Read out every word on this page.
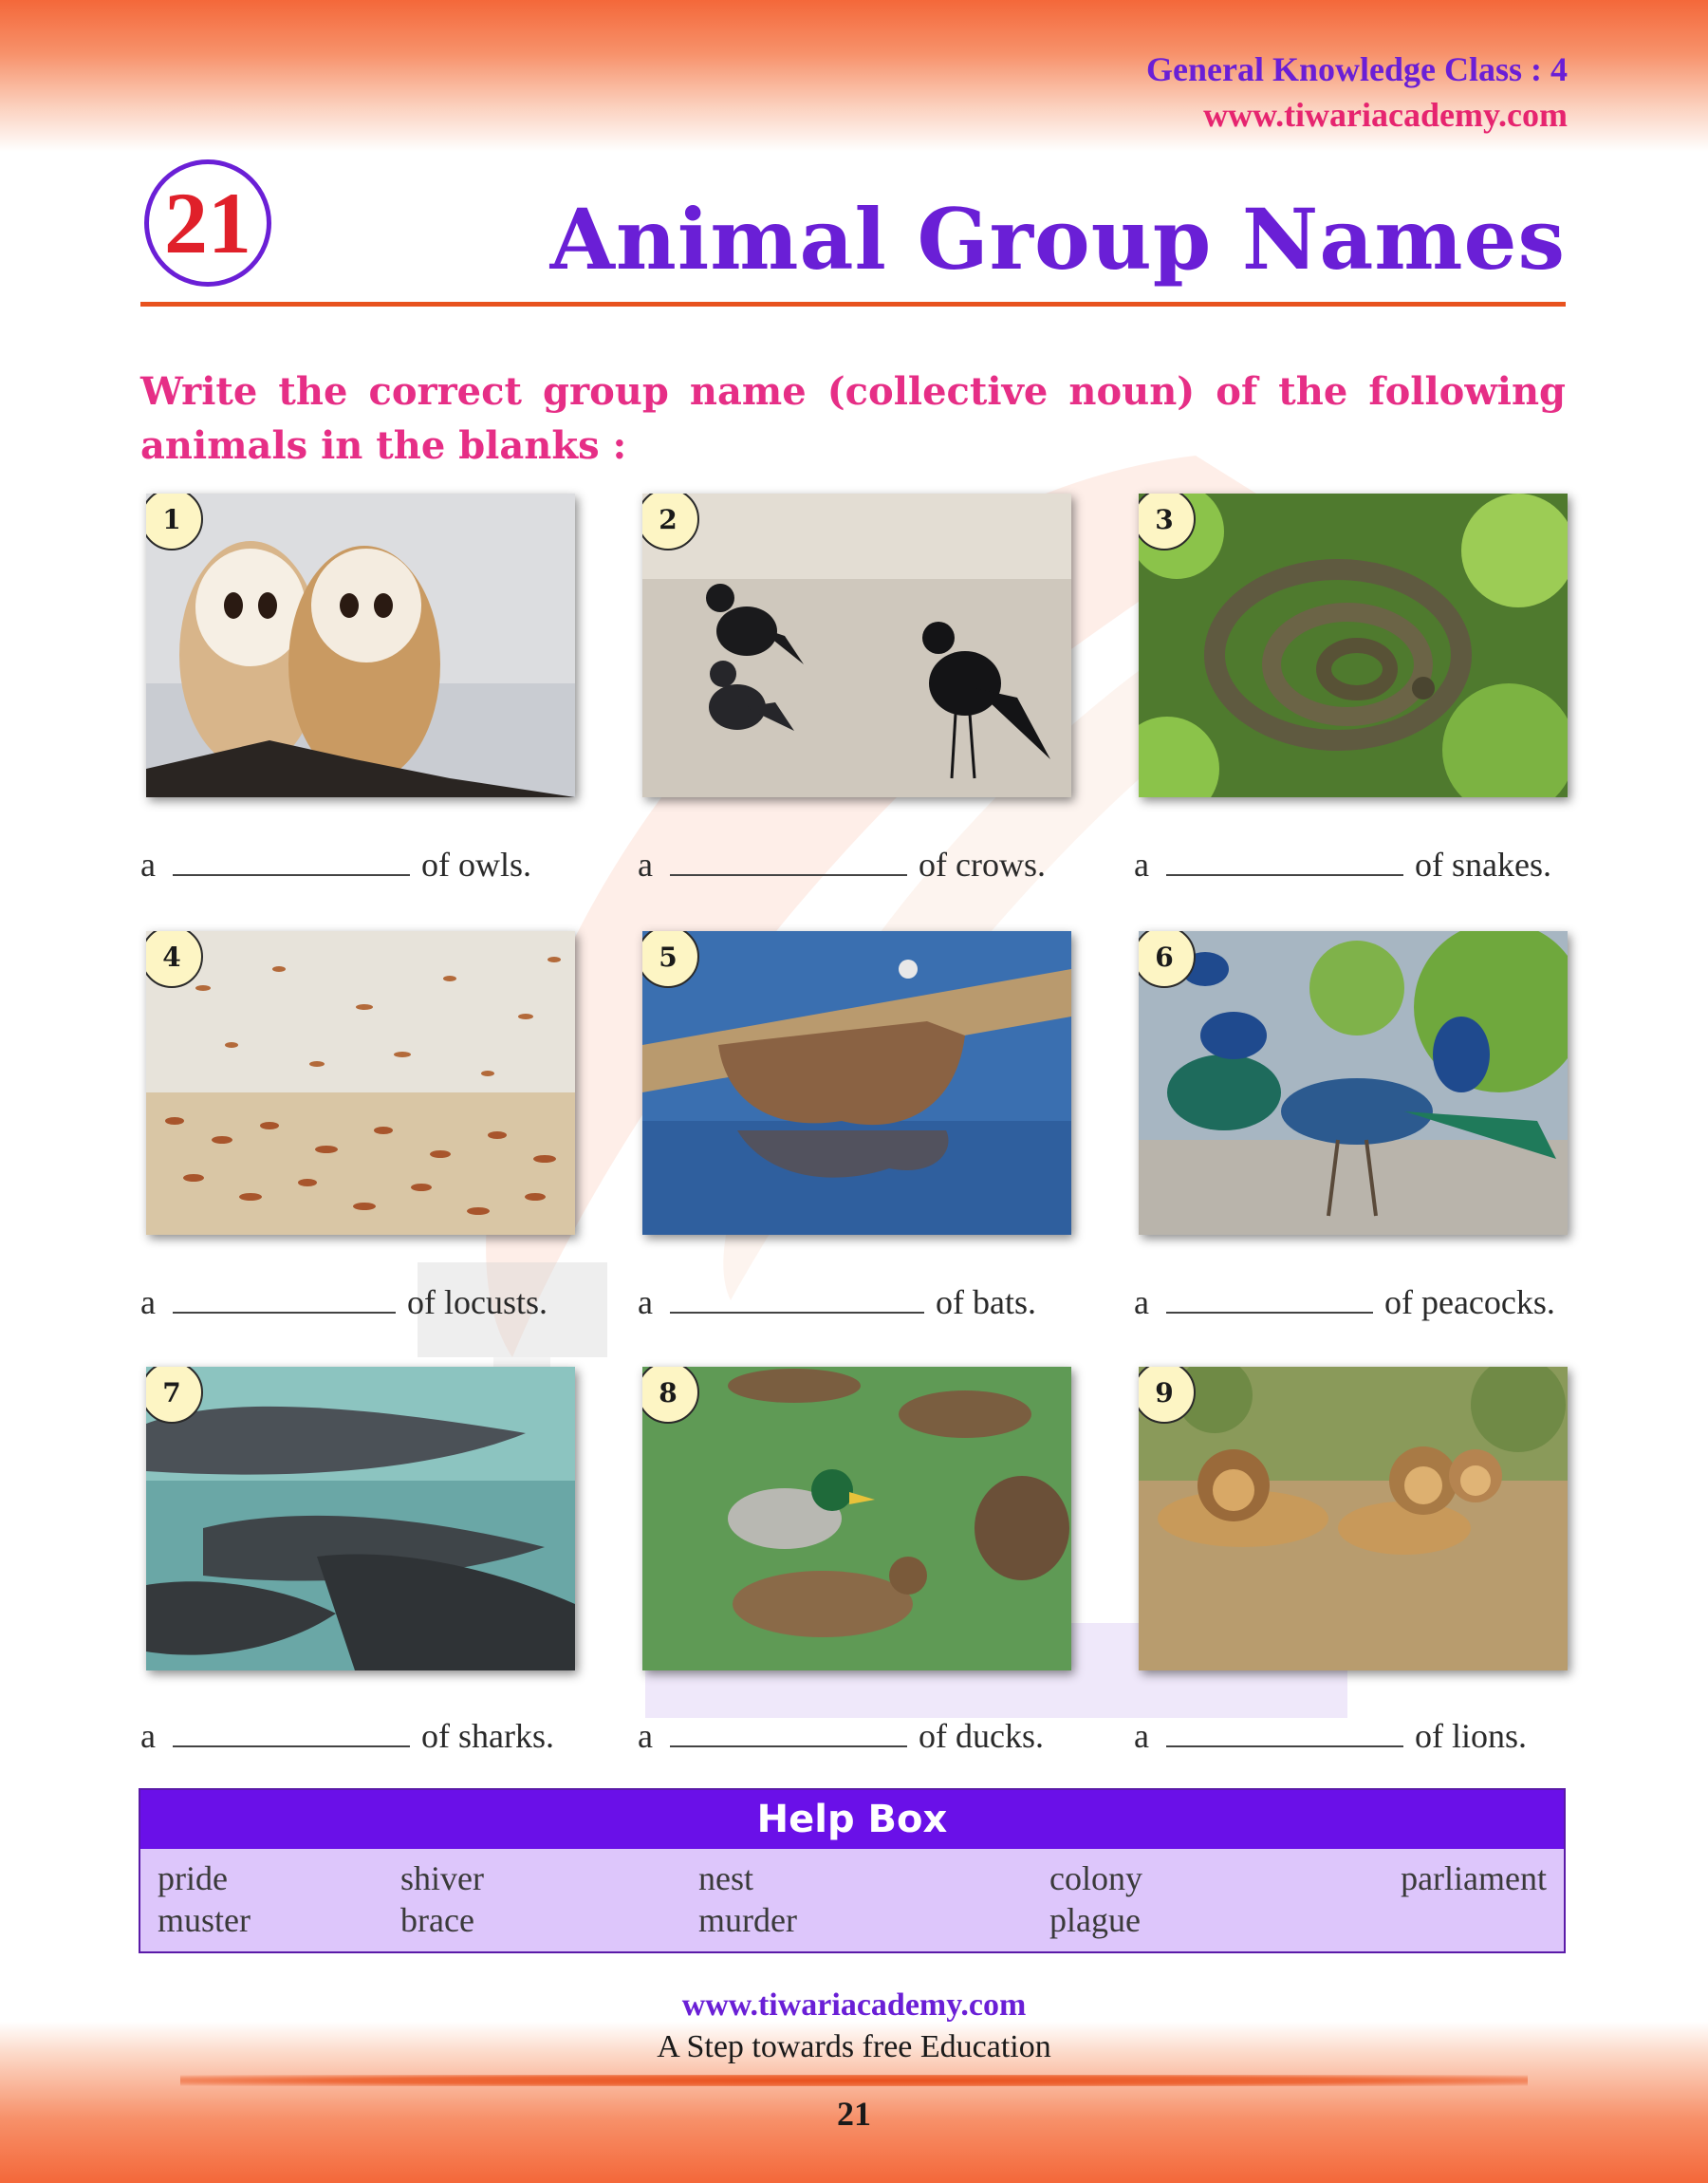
General Knowledge Class : 4
www.tiwariacademy.com
21	Animal Group Names
Write the correct group name (collective noun) of the following animals in the blanks :
1	2	3
4	5	6
7	8	9
a	of owls.	a	of crows.	a	of snakes.
a	of locusts.	a	of bats.	a	of peacocks.
a	of sharks. a	of ducks.	a	of lions.
Help Box
pride	shiver	nest	colony	parliament
muster	brace	murder	plague
www.tiwariacademy.com
A Step towards free Education
21
